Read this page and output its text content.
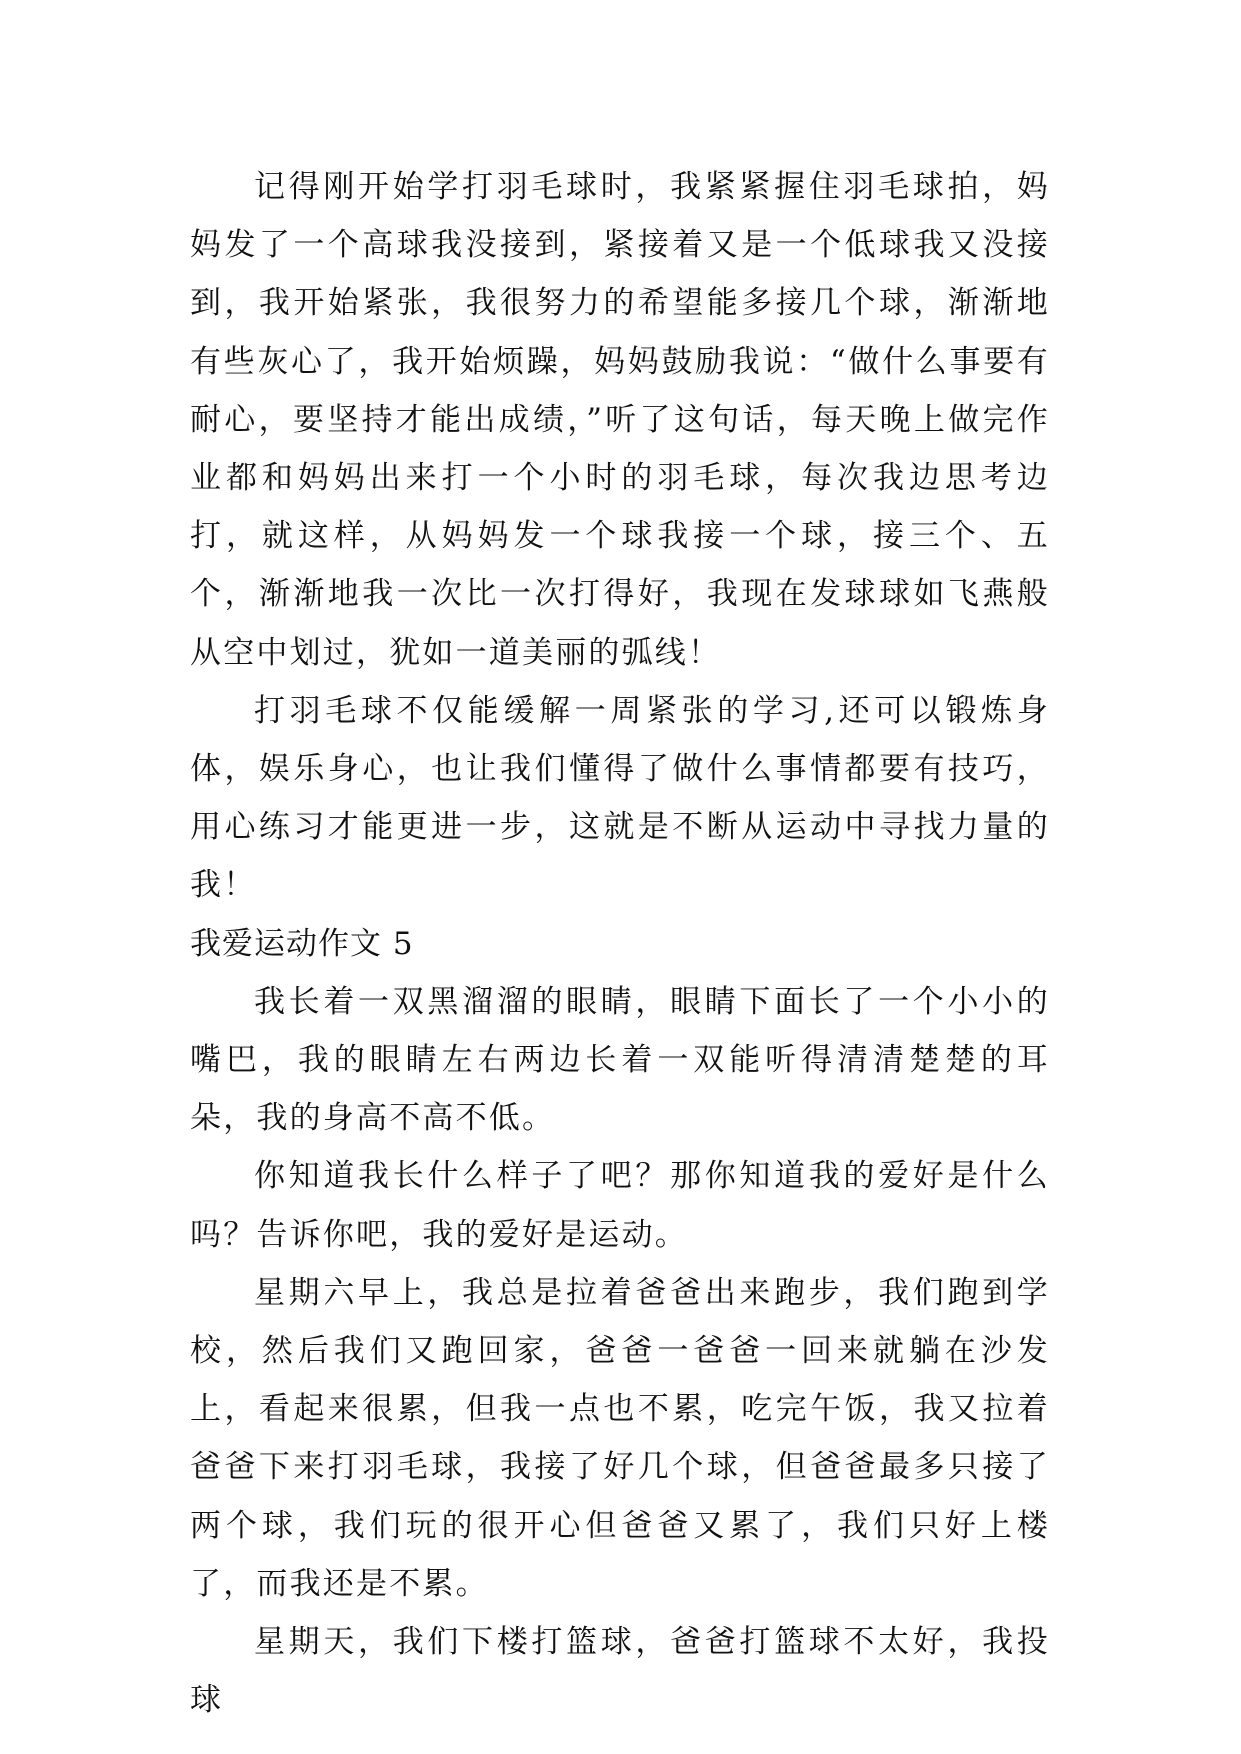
记得刚开始学打羽毛球时，我紧紧握住羽毛球拍，妈妈发了一个高球我没接到，紧接着又是一个低球我又没接到，我开始紧张，我很努力的希望能多接几个球，渐渐地有些灰心了，我开始烦躁，妈妈鼓励我说：“做什么事要有耐心，要坚持才能出成绩，”听了这句话，每天晚上做完作业都和妈妈出来打一个小时的羽毛球，每次我边思考边打，就这样，从妈妈发一个球我接一个球，接三个、五个，渐渐地我一次比一次打得好，我现在发球球如飞燕般从空中划过，犹如一道美丽的弧线！

打羽毛球不仅能缓解一周紧张的学习,还可以锻炼身体，娱乐身心，也让我们懂得了做什么事情都要有技巧，用心练习才能更进一步，这就是不断从运动中寻找力量的我！

我爱运动作文 5

我长着一双黑溜溜的眼睛，眼睛下面长了一个小小的嘴巴，我的眼睛左右两边长着一双能听得清清楚楚的耳朵，我的身高不高不低。

你知道我长什么样子了吧？那你知道我的爱好是什么吗？告诉你吧，我的爱好是运动。

星期六早上，我总是拉着爸爸出来跑步，我们跑到学校，然后我们又跑回家，爸爸一爸爸一回来就躺在沙发上，看起来很累，但我一点也不累，吃完午饭，我又拉着爸爸下来打羽毛球，我接了好几个球，但爸爸最多只接了两个球，我们玩的很开心但爸爸又累了，我们只好上楼了，而我还是不累。

星期天，我们下楼打篮球，爸爸打篮球不太好，我投球
